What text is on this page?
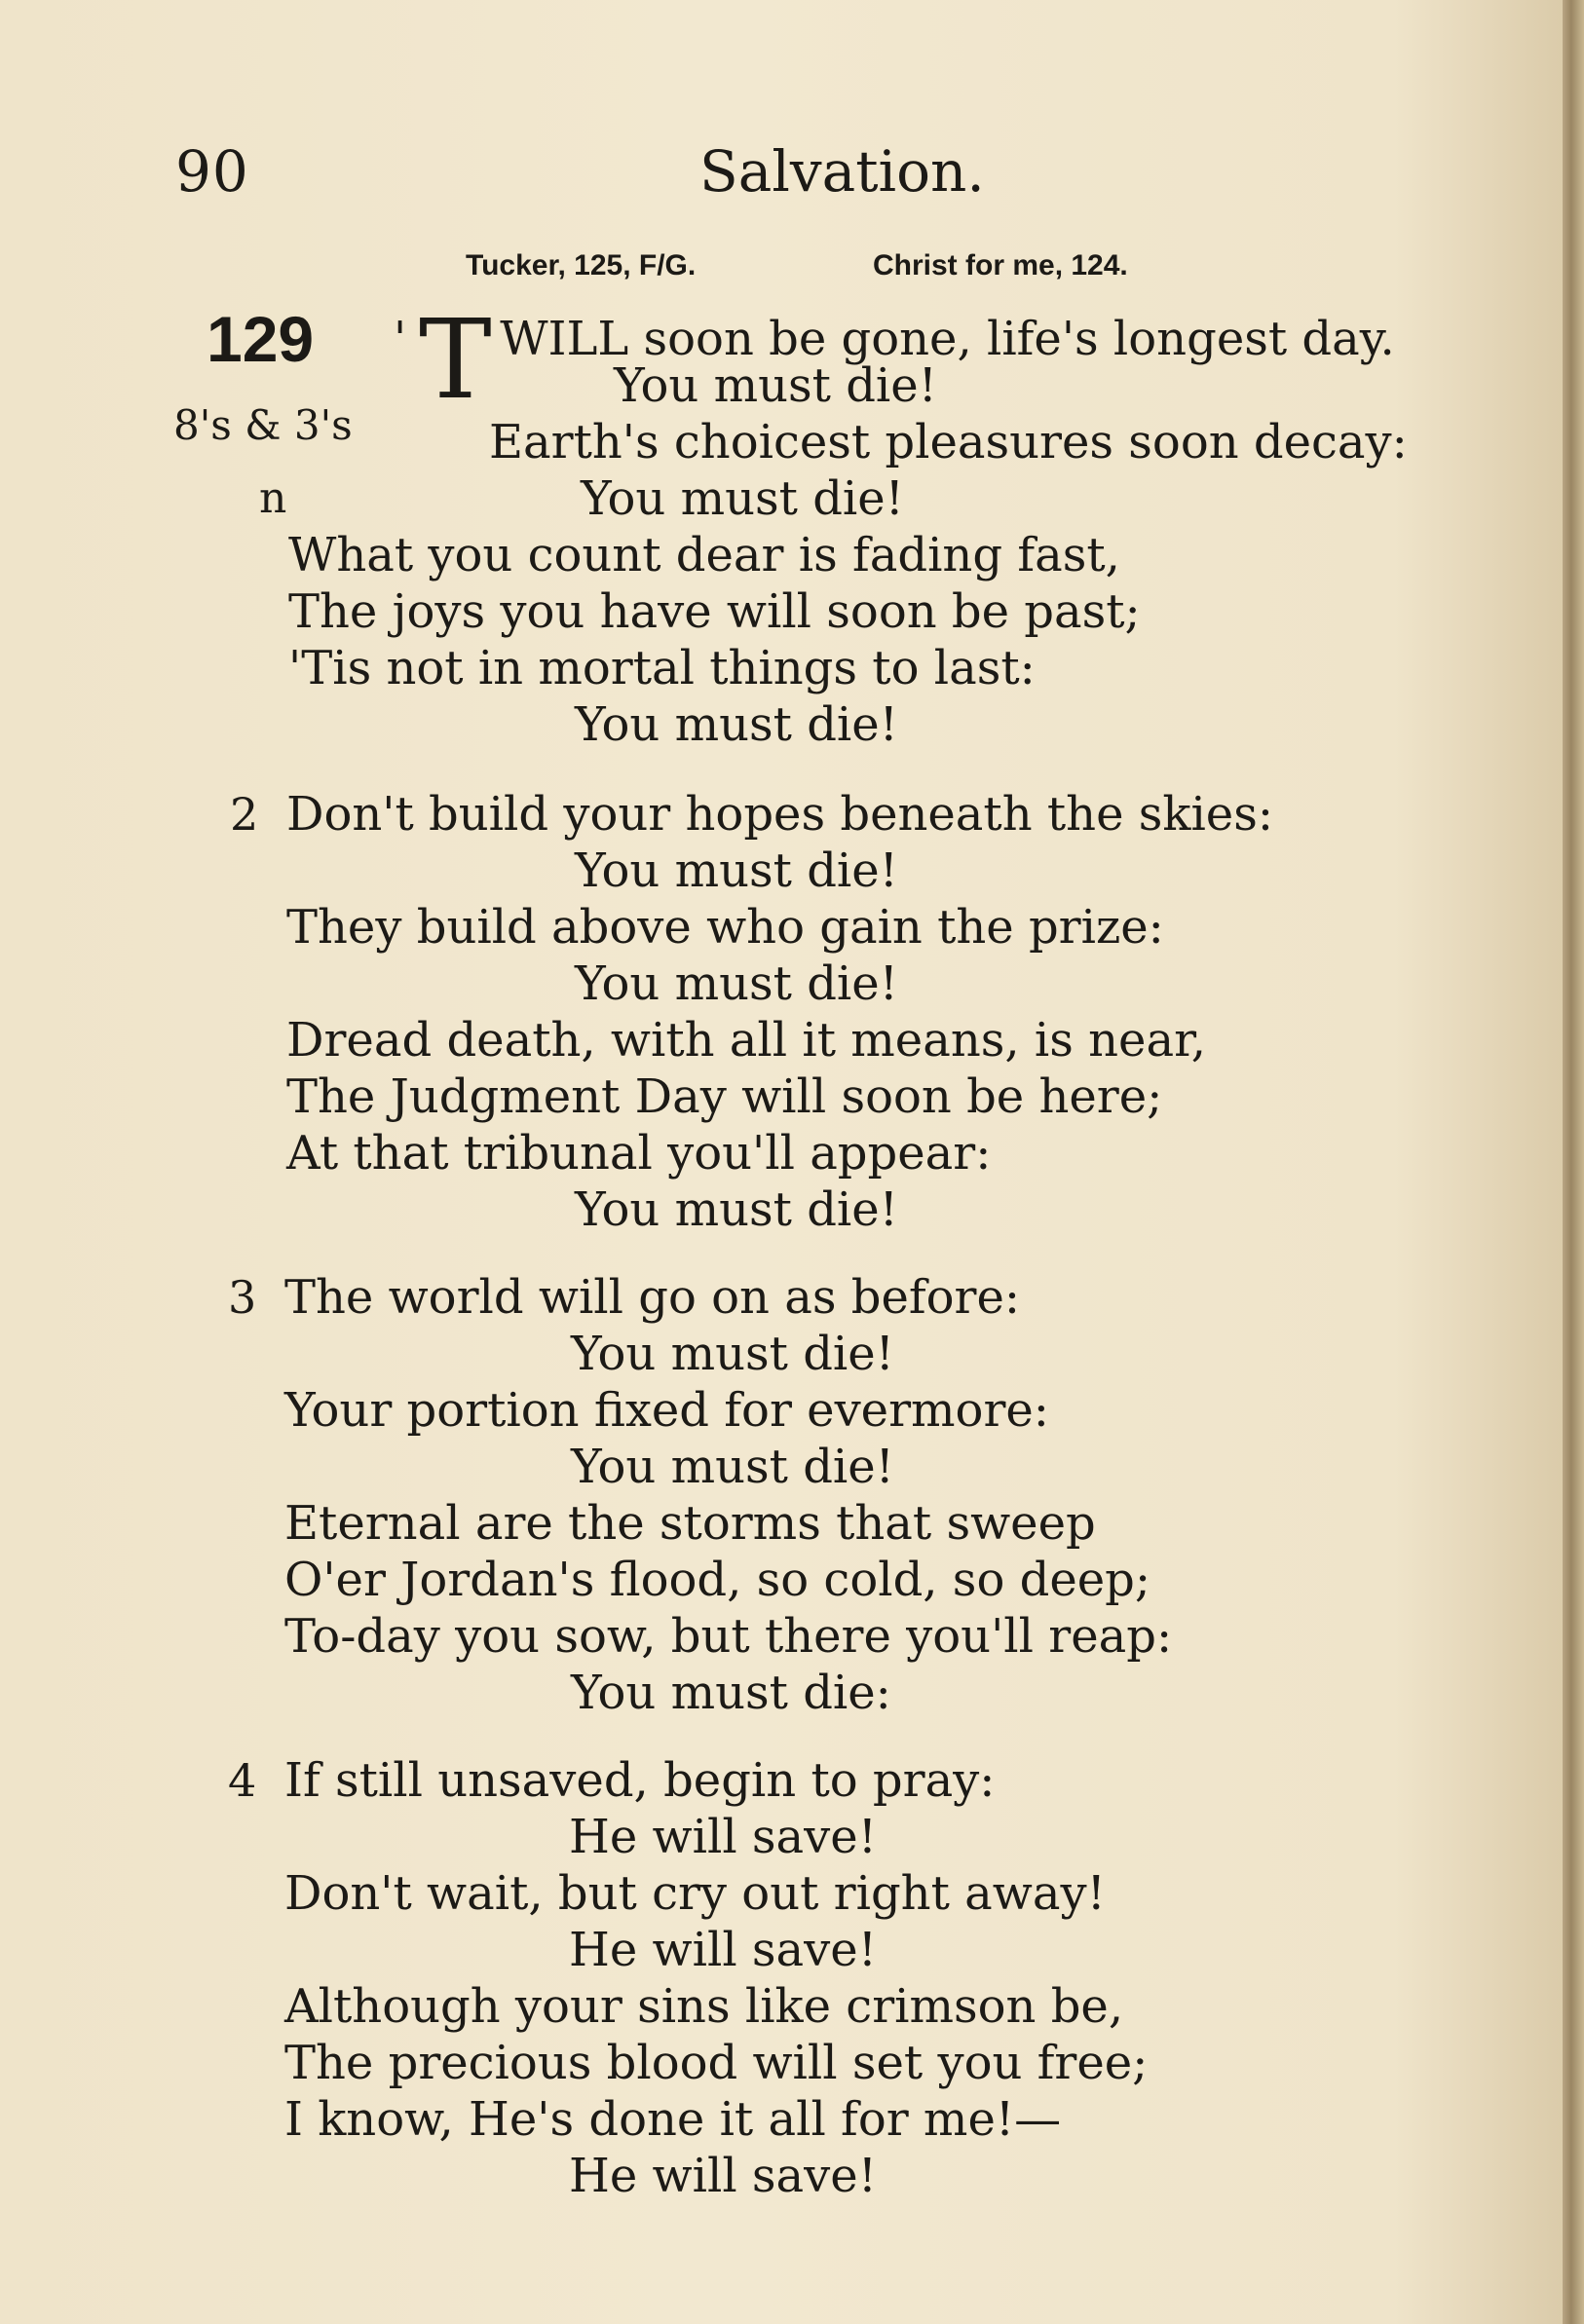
90	Salvation.
Tucker, 125, F/G.	Christ for me, 124.
129
8's & 3's
n
T
' WILL soon be gone, life's longest day.
You must die!
Earth's choicest pleasures soon decay:
You must die!
What you count dear is fading fast,
The joys you have will soon be past;
'Tis not in mortal things to last:
You must die!
2 Don't build your hopes beneath the skies:
You must die!
They build above who gain the prize:
You must die!
Dread death, with all it means, is near,
The Judgment Day will soon be here;
At that tribunal you'll appear:
You must die!
3 The world will go on as before:
You must die!
Your portion fixed for evermore:
You must die!
Eternal are the storms that sweep
O'er Jordan's flood, so cold, so deep;
To-day you sow, but there you'll reap:
You must die:
4 If still unsaved, begin to pray:
He will save!
Don't wait, but cry out right away!
He will save!
Although your sins like crimson be,
The precious blood will set you free;
I know, He's done it all for me!—
He will save!
